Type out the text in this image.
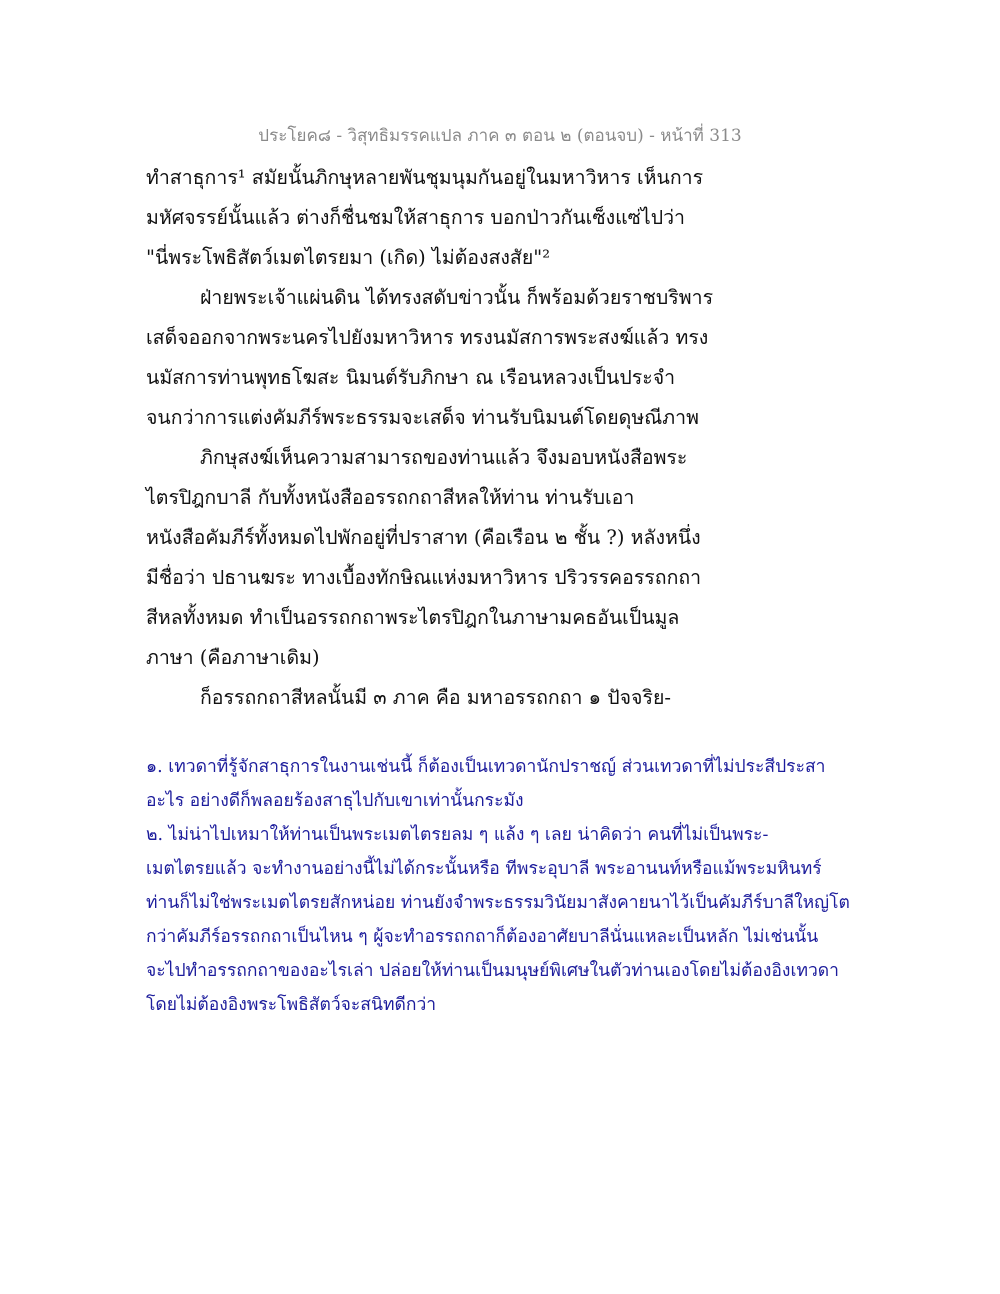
ประโยค๘ - วิสุทธิมรรคแปล ภาค ๓ ตอน ๒ (ตอนจบ) - หน้าที่ 313
ทำสาธุการ¹ สมัยนั้นภิกษุหลายพันชุมนุมกันอยู่ในมหาวิหาร เห็นการ
มหัศจรรย์นั้นแล้ว ต่างก็ชื่นชมให้สาธุการ บอกป่าวกันเซ็งแซ่ไปว่า
"นี่พระโพธิสัตว์เมตไตรยมา (เกิด) ไม่ต้องสงสัย"²
ฝ่ายพระเจ้าแผ่นดิน ได้ทรงสดับข่าวนั้น ก็พร้อมด้วยราชบริพาร
เสด็จออกจากพระนครไปยังมหาวิหาร ทรงนมัสการพระสงฆ์แล้ว ทรง
นมัสการท่านพุทธโฆสะ นิมนต์รับภิกษา ณ เรือนหลวงเป็นประจำ
จนกว่าการแต่งคัมภีร์พระธรรมจะเสด็จ ท่านรับนิมนต์โดยดุษณีภาพ
ภิกษุสงฆ์เห็นความสามารถของท่านแล้ว จึงมอบหนังสือพระ
ไตรปิฎกบาลี กับทั้งหนังสืออรรถกถาสีหลให้ท่าน ท่านรับเอา
หนังสือคัมภีร์ทั้งหมดไปพักอยู่ที่ปราสาท (คือเรือน ๒ ชั้น ?) หลังหนึ่ง
มีชื่อว่า ปธานฆระ ทางเบื้องทักษิณแห่งมหาวิหาร ปริวรรคอรรถกถา
สีหลทั้งหมด ทำเป็นอรรถกถาพระไตรปิฎกในภาษามคธอันเป็นมูล
ภาษา (คือภาษาเดิม)
ก็อรรถกถาสีหลนั้นมี ๓ ภาค คือ มหาอรรถกถา ๑ ปัจจริย-
๑. เทวดาที่รู้จักสาธุการในงานเช่นนี้ ก็ต้องเป็นเทวดานักปราชญ์ ส่วนเทวดาที่ไม่ประสีประสา
อะไร อย่างดีก็พลอยร้องสาธุไปกับเขาเท่านั้นกระมัง
๒. ไม่น่าไปเหมาให้ท่านเป็นพระเมตไตรยลม ๆ แล้ง ๆ เลย น่าคิดว่า คนที่ไม่เป็นพระ-
เมตไตรยแล้ว จะทำงานอย่างนี้ไม่ได้กระนั้นหรือ ทีพระอุบาลี พระอานนท์หรือแม้พระมหินทร์
ท่านก็ไม่ใช่พระเมตไตรยสักหน่อย ท่านยังจำพระธรรมวินัยมาสังคายนาไว้เป็นคัมภีร์บาลีใหญ่โต
กว่าคัมภีร์อรรถกถาเป็นไหน ๆ ผู้จะทำอรรถกถาก็ต้องอาศัยบาลีนั่นแหละเป็นหลัก ไม่เช่นนั้น
จะไปทำอรรถกถาของอะไรเล่า ปล่อยให้ท่านเป็นมนุษย์พิเศษในตัวท่านเองโดยไม่ต้องอิงเทวดา
โดยไม่ต้องอิงพระโพธิสัตว์จะสนิทดีกว่า
